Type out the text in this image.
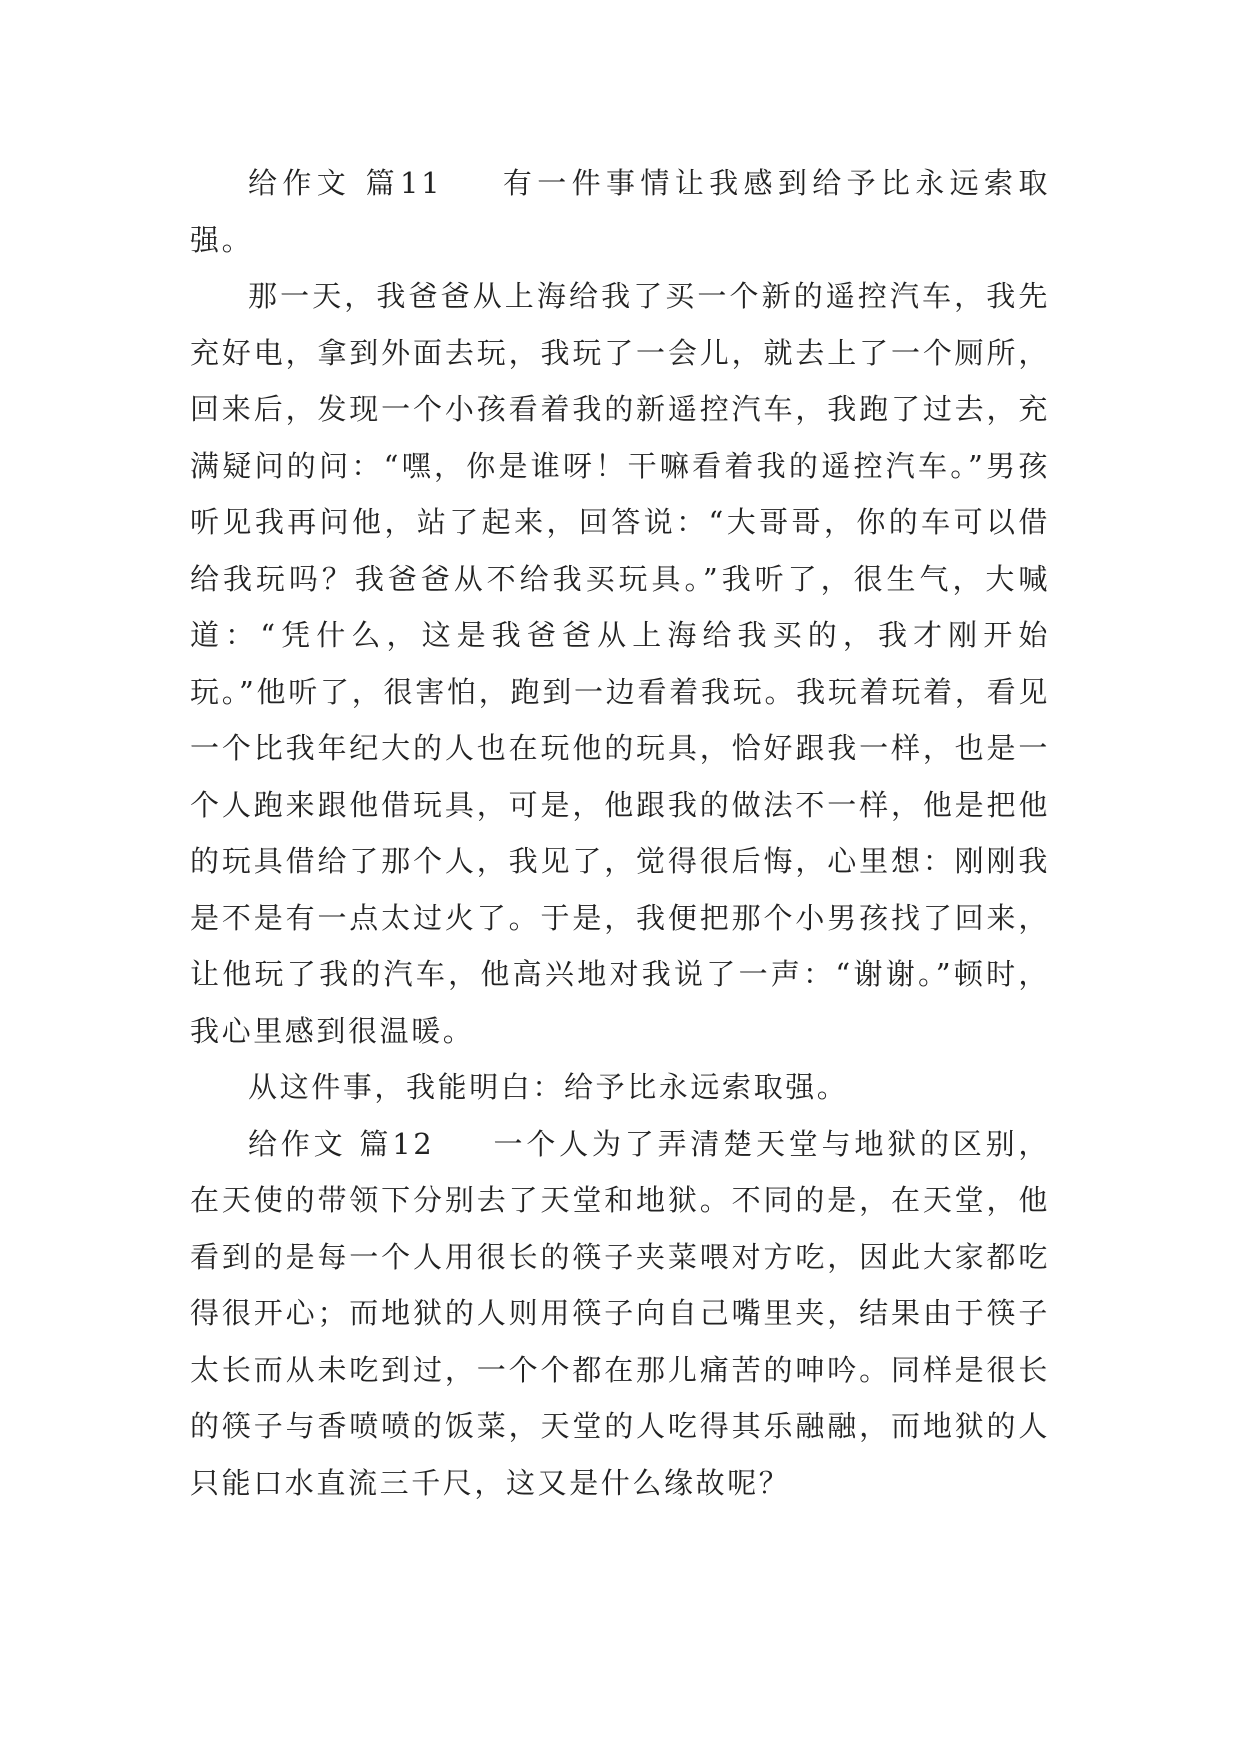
给作文 篇11 有一件事情让我感到给予比永远索取强。

那一天，我爸爸从上海给我了买一个新的遥控汽车，我先充好电，拿到外面去玩，我玩了一会儿，就去上了一个厕所，回来后，发现一个小孩看着我的新遥控汽车，我跑了过去，充满疑问的问：“嘿，你是谁呀！干嘛看着我的遥控汽车。”男孩听见我再问他，站了起来，回答说：“大哥哥，你的车可以借给我玩吗？我爸爸从不给我买玩具。”我听了，很生气，大喊道：“凭什么，这是我爸爸从上海给我买的，我才刚开始玩。”他听了，很害怕，跑到一边看着我玩。我玩着玩着，看见一个比我年纪大的人也在玩他的玩具，恰好跟我一样，也是一个人跑来跟他借玩具，可是，他跟我的做法不一样，他是把他的玩具借给了那个人，我见了，觉得很后悔，心里想：刚刚我是不是有一点太过火了。于是，我便把那个小男孩找了回来，让他玩了我的汽车，他高兴地对我说了一声：“谢谢。”顿时，我心里感到很温暖。

从这件事，我能明白：给予比永远索取强。

给作文 篇12 一个人为了弄清楚天堂与地狱的区别，在天使的带领下分别去了天堂和地狱。不同的是，在天堂，他看到的是每一个人用很长的筷子夹菜喂对方吃，因此大家都吃得很开心；而地狱的人则用筷子向自己嘴里夹，结果由于筷子太长而从未吃到过，一个个都在那儿痛苦的呻吟。同样是很长的筷子与香喷喷的饭菜，天堂的人吃得其乐融融，而地狱的人只能口水直流三千尺，这又是什么缘故呢？
